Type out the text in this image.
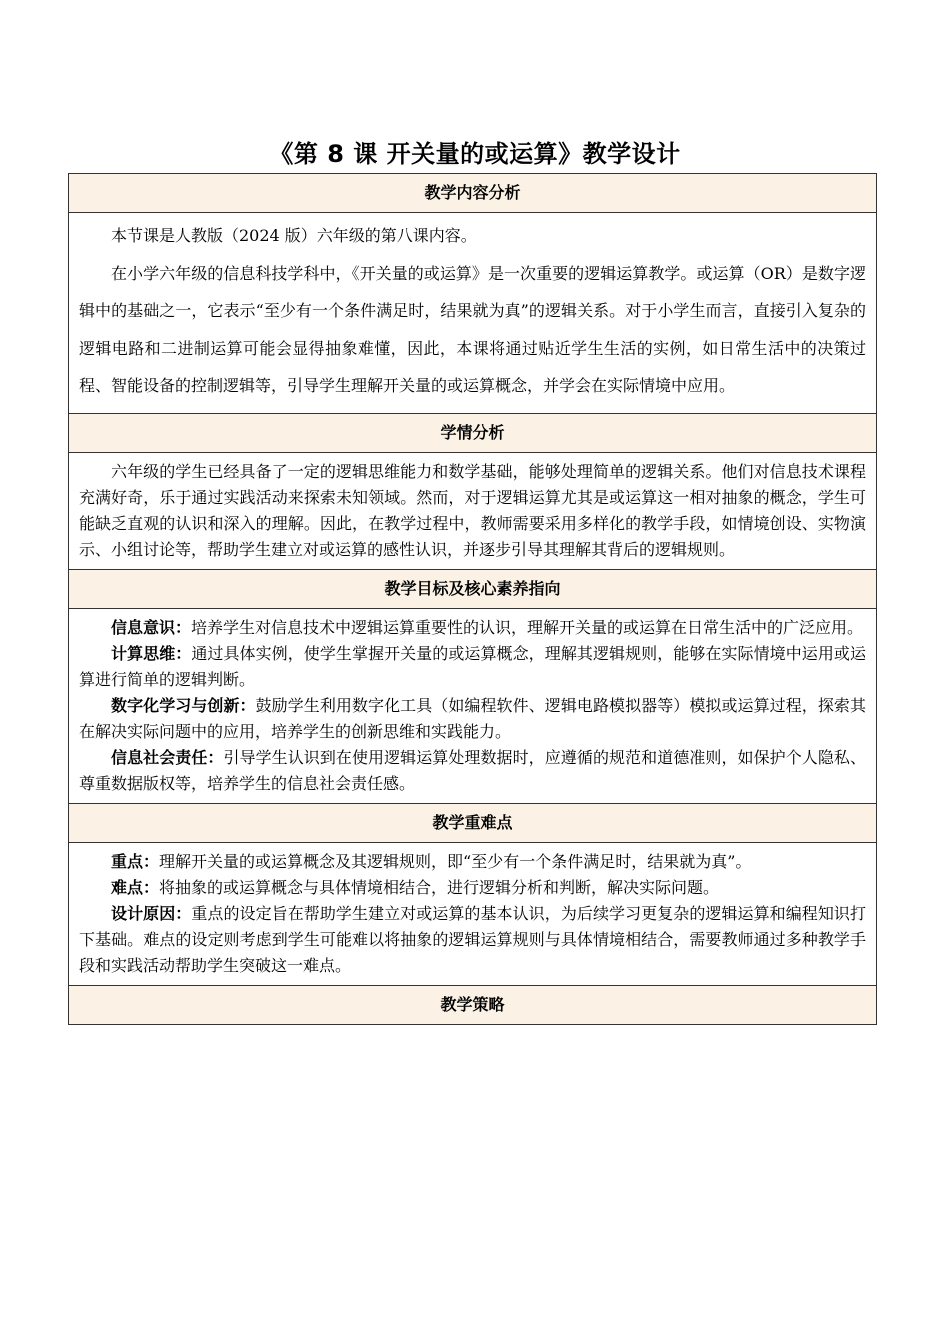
《第 8 课 开关量的或运算》教学设计
教学内容分析

本节课是人教版（2024 版）六年级的第八课内容。

在小学六年级的信息科技学科中，《开关量的或运算》是一次重要的逻辑运算教学。或运算（OR）是数字逻辑中的基础之一，它表示“至少有一个条件满足时，结果就为真”的逻辑关系。对于小学生而言，直接引入复杂的逻辑电路和二进制运算可能会显得抽象难懂，因此，本课将通过贴近学生生活的实例，如日常生活中的决策过程、智能设备的控制逻辑等，引导学生理解开关量的或运算概念，并学会在实际情境中应用。

学情分析

六年级的学生已经具备了一定的逻辑思维能力和数学基础，能够处理简单的逻辑关系。他们对信息技术课程充满好奇，乐于通过实践活动来探索未知领域。然而，对于逻辑运算尤其是或运算这一相对抽象的概念，学生可能缺乏直观的认识和深入的理解。因此，在教学过程中，教师需要采用多样化的教学手段，如情境创设、实物演示、小组讨论等，帮助学生建立对或运算的感性认识，并逐步引导其理解其背后的逻辑规则。

教学目标及核心素养指向

信息意识：培养学生对信息技术中逻辑运算重要性的认识，理解开关量的或运算在日常生活中的广泛应用。

计算思维：通过具体实例，使学生掌握开关量的或运算概念，理解其逻辑规则，能够在实际情境中运用或运算进行简单的逻辑判断。

数字化学习与创新：鼓励学生利用数字化工具（如编程软件、逻辑电路模拟器等）模拟或运算过程，探索其在解决实际问题中的应用，培养学生的创新思维和实践能力。

信息社会责任：引导学生认识到在使用逻辑运算处理数据时，应遵循的规范和道德准则，如保护个人隐私、尊重数据版权等，培养学生的信息社会责任感。

教学重难点

重点：理解开关量的或运算概念及其逻辑规则，即“至少有一个条件满足时，结果就为真”。

难点：将抽象的或运算概念与具体情境相结合，进行逻辑分析和判断，解决实际问题。

设计原因：重点的设定旨在帮助学生建立对或运算的基本认识，为后续学习更复杂的逻辑运算和编程知识打下基础。难点的设定则考虑到学生可能难以将抽象的逻辑运算规则与具体情境相结合，需要教师通过多种教学手段和实践活动帮助学生突破这一难点。

教学策略
